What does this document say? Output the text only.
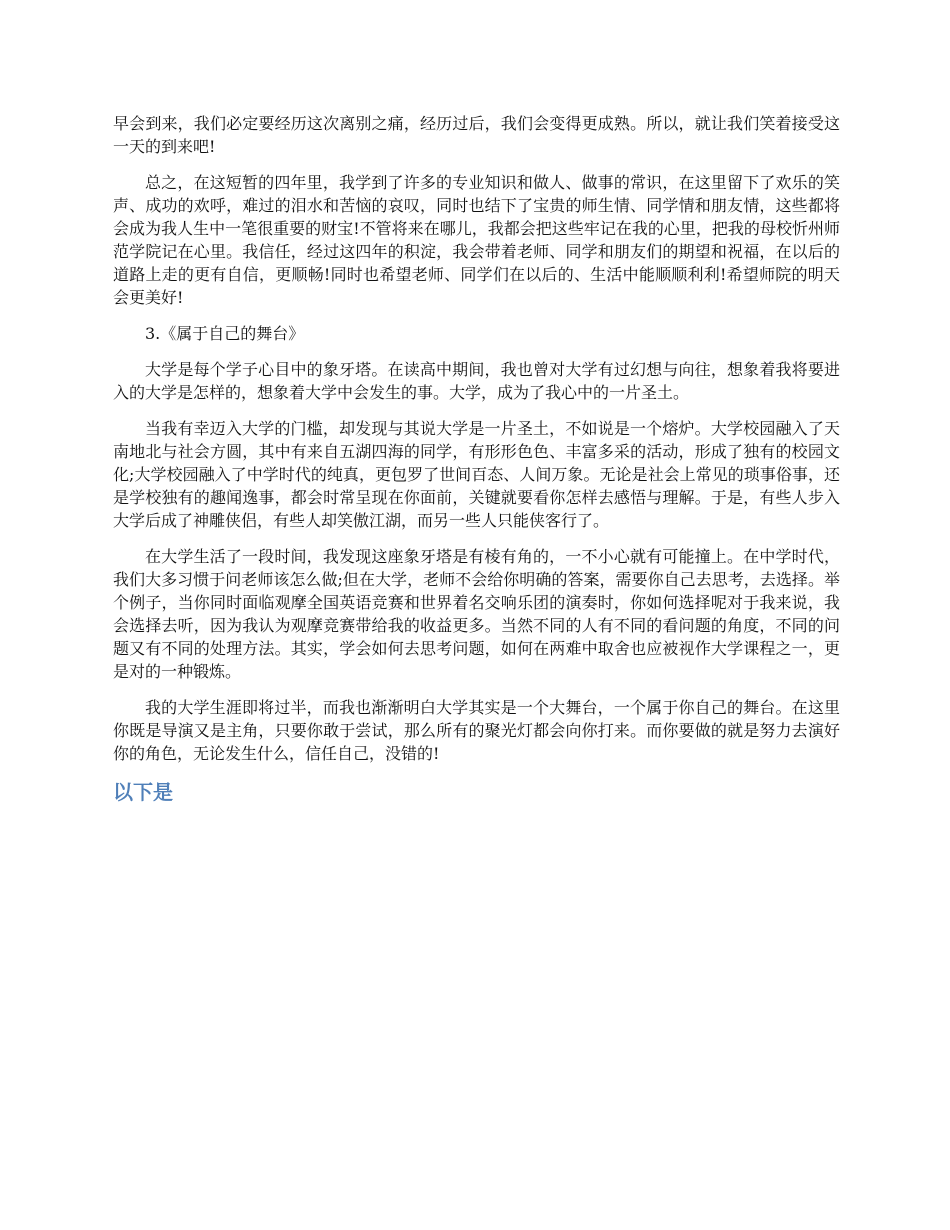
早会到来，我们必定要经历这次离别之痛，经历过后，我们会变得更成熟。所以，就让我们笑着接受这一天的到来吧!

总之，在这短暂的四年里，我学到了许多的专业知识和做人、做事的常识，在这里留下了欢乐的笑声、成功的欢呼，难过的泪水和苦恼的哀叹，同时也结下了宝贵的师生情、同学情和朋友情，这些都将会成为我人生中一笔很重要的财宝!不管将来在哪儿，我都会把这些牢记在我的心里，把我的母校忻州师范学院记在心里。我信任，经过这四年的积淀，我会带着老师、同学和朋友们的期望和祝福，在以后的道路上走的更有自信，更顺畅!同时也希望老师、同学们在以后的、生活中能顺顺利利!希望师院的明天会更美好!

3.《属于自己的舞台》

大学是每个学子心目中的象牙塔。在读高中期间，我也曾对大学有过幻想与向往，想象着我将要进入的大学是怎样的，想象着大学中会发生的事。大学，成为了我心中的一片圣土。

当我有幸迈入大学的门槛，却发现与其说大学是一片圣土，不如说是一个熔炉。大学校园融入了天南地北与社会方圆，其中有来自五湖四海的同学，有形形色色、丰富多采的活动，形成了独有的校园文化;大学校园融入了中学时代的纯真，更包罗了世间百态、人间万象。无论是社会上常见的琐事俗事，还是学校独有的趣闻逸事，都会时常呈现在你面前，关键就要看你怎样去感悟与理解。于是，有些人步入大学后成了神雕侠侣，有些人却笑傲江湖，而另一些人只能侠客行了。

在大学生活了一段时间，我发现这座象牙塔是有棱有角的，一不小心就有可能撞上。在中学时代，我们大多习惯于问老师该怎么做;但在大学，老师不会给你明确的答案，需要你自己去思考，去选择。举个例子，当你同时面临观摩全国英语竞赛和世界着名交响乐团的演奏时，你如何选择呢对于我来说，我会选择去听，因为我认为观摩竞赛带给我的收益更多。当然不同的人有不同的看问题的角度，不同的问题又有不同的处理方法。其实，学会如何去思考问题，如何在两难中取舍也应被视作大学课程之一，更是对的一种锻炼。

我的大学生涯即将过半，而我也渐渐明白大学其实是一个大舞台，一个属于你自己的舞台。在这里你既是导演又是主角，只要你敢于尝试，那么所有的聚光灯都会向你打来。而你要做的就是努力去演好你的角色，无论发生什么，信任自己，没错的!

以下是
